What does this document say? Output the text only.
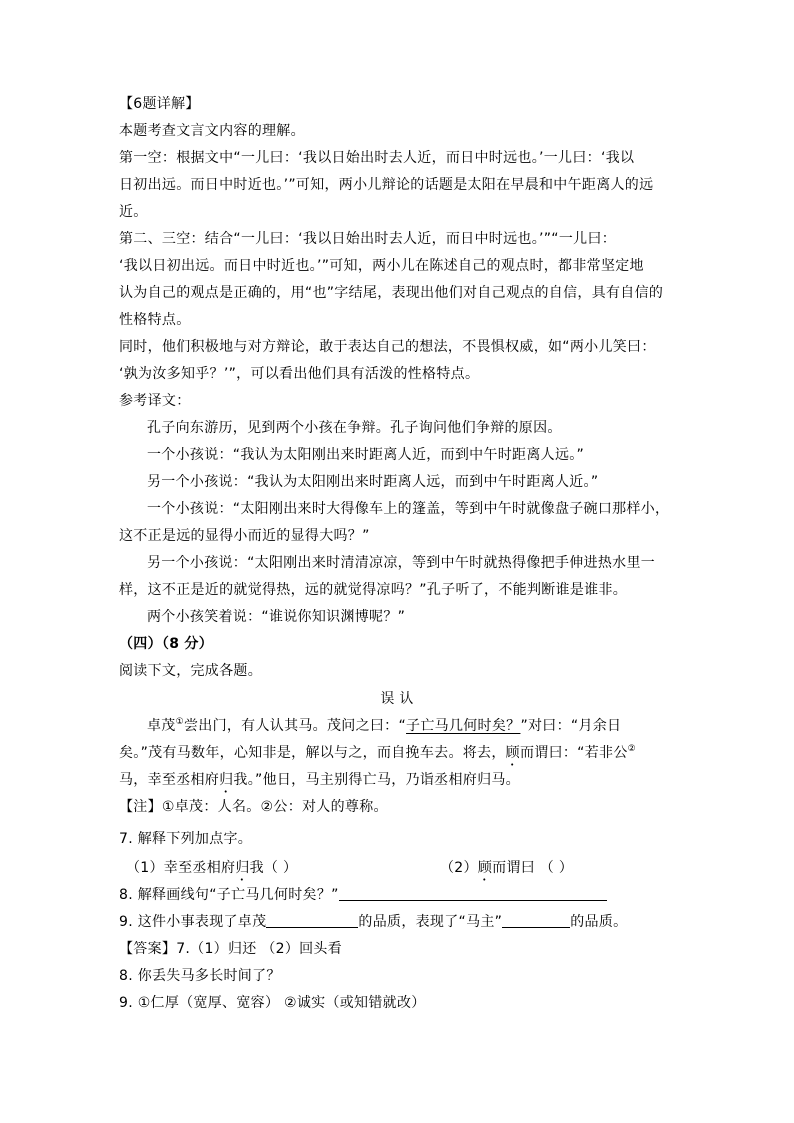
【6题详解】
本题考查文言文内容的理解。
第一空：根据文中“一儿曰：‘我以日始出时去人近，而日中时远也。’一儿曰：‘我以
日初出远。而日中时近也。’”可知，两小儿辩论的话题是太阳在早晨和中午距离人的远
近。
第二、三空：结合“一儿曰：‘我以日始出时去人近，而日中时远也。’”“一儿曰：
‘我以日初出远。而日中时近也。’”可知，两小儿在陈述自己的观点时，都非常坚定地
认为自己的观点是正确的，用“也”字结尾，表现出他们对自己观点的自信，具有自信的
性格特点。
同时，他们积极地与对方辩论，敢于表达自己的想法，不畏惧权威，如“两小儿笑曰：
‘孰为汝多知乎？’”，可以看出他们具有活泼的性格特点。
参考译文：
孔子向东游历，见到两个小孩在争辩。孔子询问他们争辩的原因。
一个小孩说：“我认为太阳刚出来时距离人近，而到中午时距离人远。”
另一个小孩说：“我认为太阳刚出来时距离人远，而到中午时距离人近。”
一个小孩说：“太阳刚出来时大得像车上的篷盖，等到中午时就像盘子碗口那样小，
这不正是远的显得小而近的显得大吗？”
另一个小孩说：“太阳刚出来时清清凉凉，等到中午时就热得像把手伸进热水里一
样，这不正是近的就觉得热，远的就觉得凉吗？”孔子听了，不能判断谁是谁非。
两个小孩笑着说：“谁说你知识渊博呢？”
（四）（8 分）
阅读下文，完成各题。
误 认
卓茂①尝出门，有人认其马。茂问之曰：“子亡马几何时矣？”对曰：“月余日
矣。”茂有马数年，心知非是，解以与之，而自挽车去。将去，顾而谓曰：“若非公②
马，幸至丞相府归我。”他日，马主别得亡马，乃诣丞相府归马。
【注】①卓茂：人名。②公：对人的尊称。
7. 解释下列加点字。
（1）幸至丞相府归我（ ）	（2）顾而谓曰 （ ）
8. 解释画线句“子亡马几何时矣？”
9. 这件小事表现了卓茂	的品质，表现了“马主”	的品质。
【答案】7.（1）归还 （2）回头看
8. 你丢失马多长时间了？
9. ①仁厚（宽厚、宽容） ②诚实（或知错就改）
